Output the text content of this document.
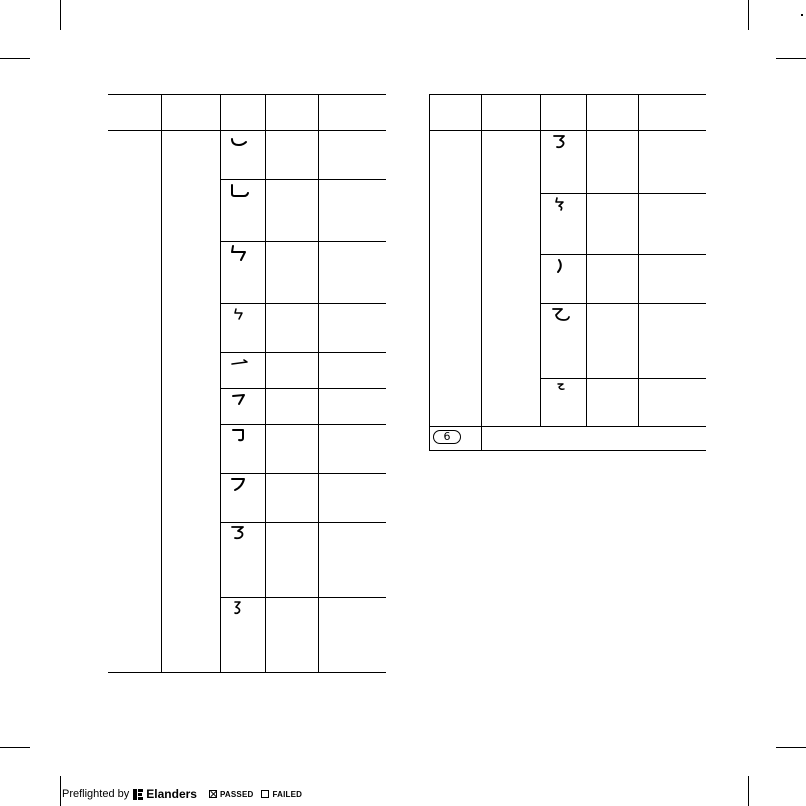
6
Preflighted by Elanders	PASSED FAILED
